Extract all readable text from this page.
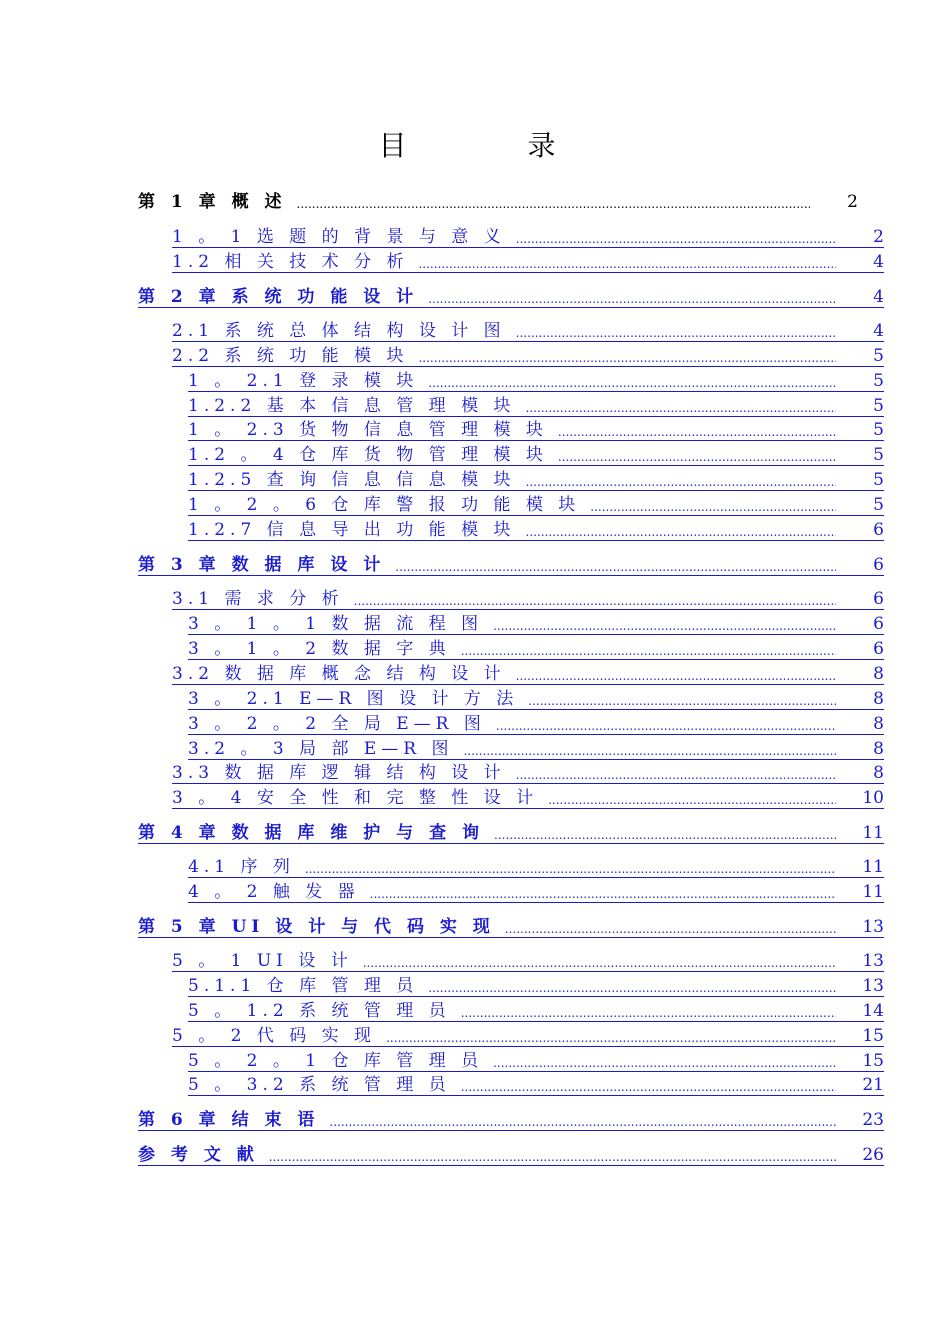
目 录
第 1 章 概 述 .....	2
1 。 1 选 题 的 背 景 与 意 义 .....	2
1.2 相 关 技 术 分 析 .....	4
第 2 章 系 统 功 能 设 计 .....	4
2.1 系 统 总 体 结 构 设 计 图 .....	4
2.2 系 统 功 能 模 块 .....	5
1 。 2.1 登 录 模 块 .....	5
1.2.2 基 本 信 息 管 理 模 块 .....	5
1 。 2.3 货 物 信 息 管 理 模 块 .....	5
1.2 。 4 仓 库 货 物 管 理 模 块 .....	5
1.2.5 查 询 信 息 信 息 模 块 .....	5
1 。 2 。 6 仓 库 警 报 功 能 模 块 .....	5
1.2.7 信 息 导 出 功 能 模 块 .....	6
第 3 章 数 据 库 设 计 .....	6
3.1 需 求 分 析 .....	6
3 。 1 。 1 数 据 流 程 图 .....	6
3 。 1 。 2 数 据 字 典 .....	6
3.2 数 据 库 概 念 结 构 设 计 .....	8
3 。 2.1 E—R 图 设 计 方 法 .....	8
3 。 2 。 2 全 局 E—R 图 .....	8
3.2 。 3 局 部 E—R 图 .....	8
3.3 数 据 库 逻 辑 结 构 设 计 .....	8
3 。 4 安 全 性 和 完 整 性 设 计 .....	10
第 4 章 数 据 库 维 护 与 查 询 .....	11
4.1 序 列 .....	11
4 。 2 触 发 器 .....	11
第 5 章 UI 设 计 与 代 码 实 现 .....	13
5 。 1 UI 设 计 .....	13
5.1.1 仓 库 管 理 员 .....	13
5 。 1.2 系 统 管 理 员 .....	14
5 。 2 代 码 实 现 .....	15
5 。 2 。 1 仓 库 管 理 员 .....	15
5 。 3.2 系 统 管 理 员 .....	21
第 6 章 结 束 语 .....	23
参 考 文 献 .....	26
